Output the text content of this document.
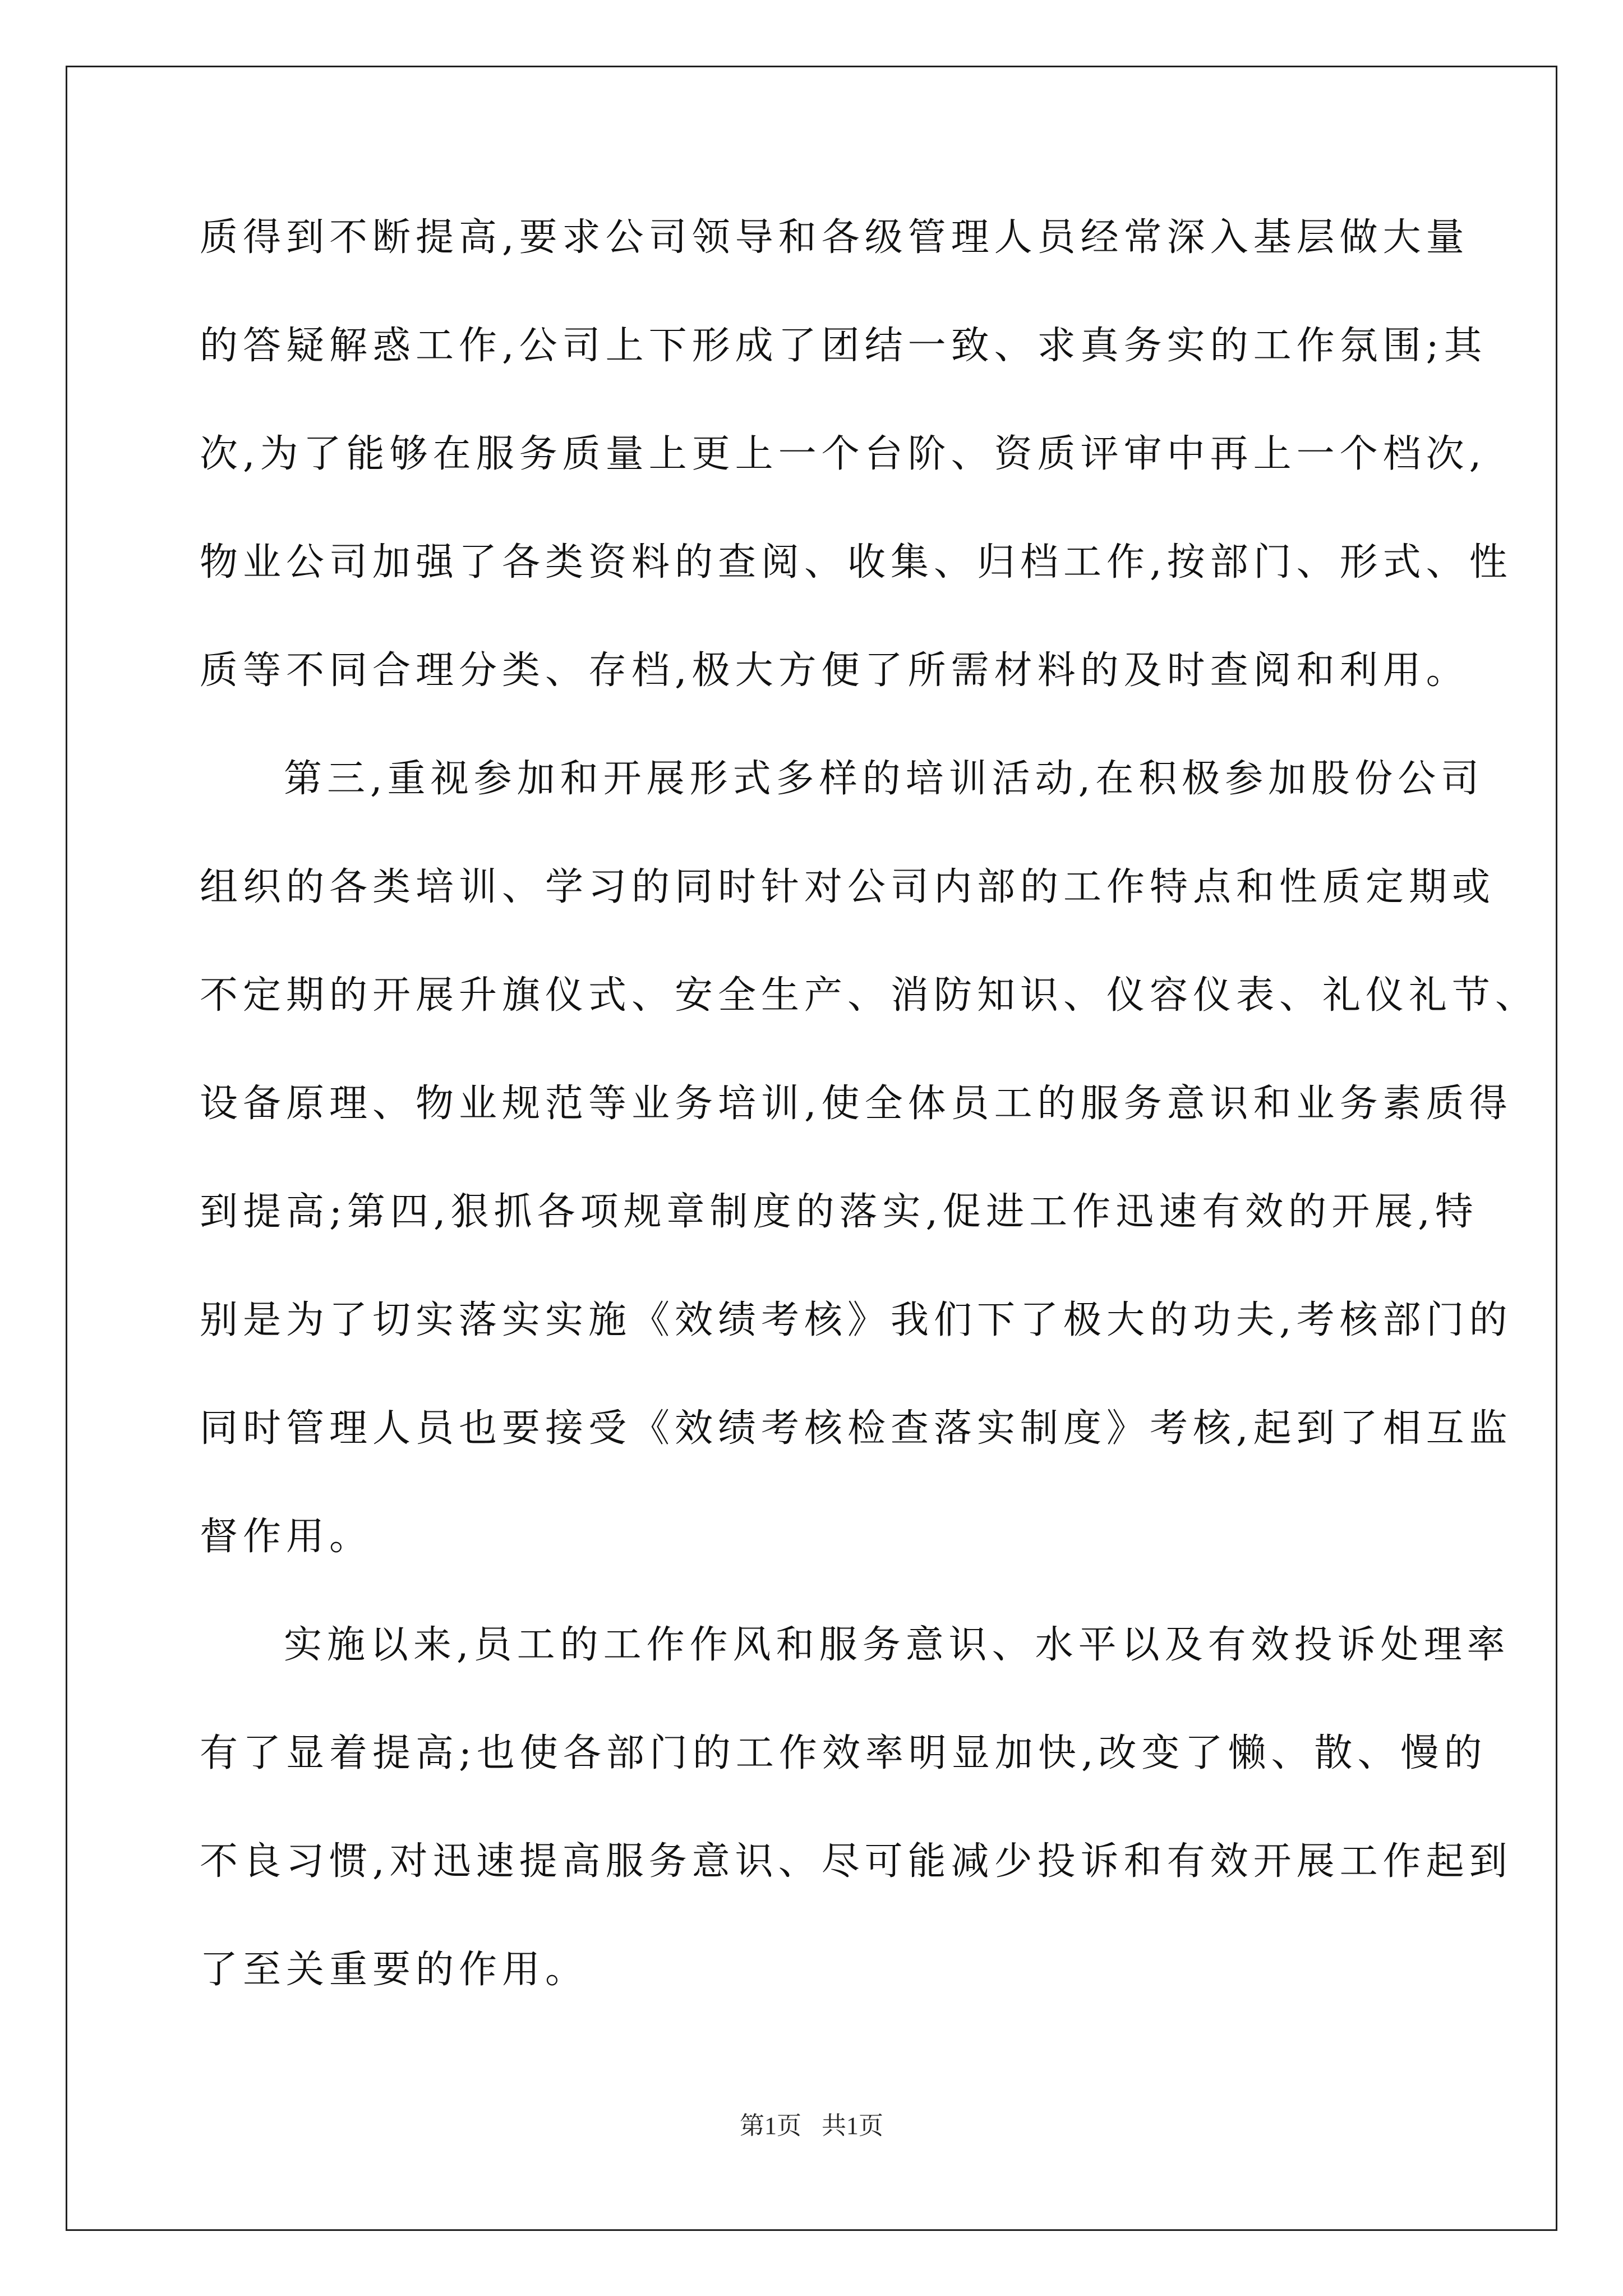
质得到不断提高,要求公司领导和各级管理人员经常深入基层做大量
的答疑解惑工作,公司上下形成了团结一致、求真务实的工作氛围;其
次,为了能够在服务质量上更上一个台阶、资质评审中再上一个档次,
物业公司加强了各类资料的查阅、收集、归档工作,按部门、形式、性
质等不同合理分类、存档,极大方便了所需材料的及时查阅和利用。
第三,重视参加和开展形式多样的培训活动,在积极参加股份公司
组织的各类培训、学习的同时针对公司内部的工作特点和性质定期或
不定期的开展升旗仪式、安全生产、消防知识、仪容仪表、礼仪礼节、
设备原理、物业规范等业务培训,使全体员工的服务意识和业务素质得
到提高;第四,狠抓各项规章制度的落实,促进工作迅速有效的开展,特
别是为了切实落实实施《效绩考核》我们下了极大的功夫,考核部门的
同时管理人员也要接受《效绩考核检查落实制度》考核,起到了相互监
督作用。
实施以来,员工的工作作风和服务意识、水平以及有效投诉处理率
有了显着提高;也使各部门的工作效率明显加快,改变了懒、散、慢的
不良习惯,对迅速提高服务意识、尽可能减少投诉和有效开展工作起到
了至关重要的作用。
第1页 共1页
